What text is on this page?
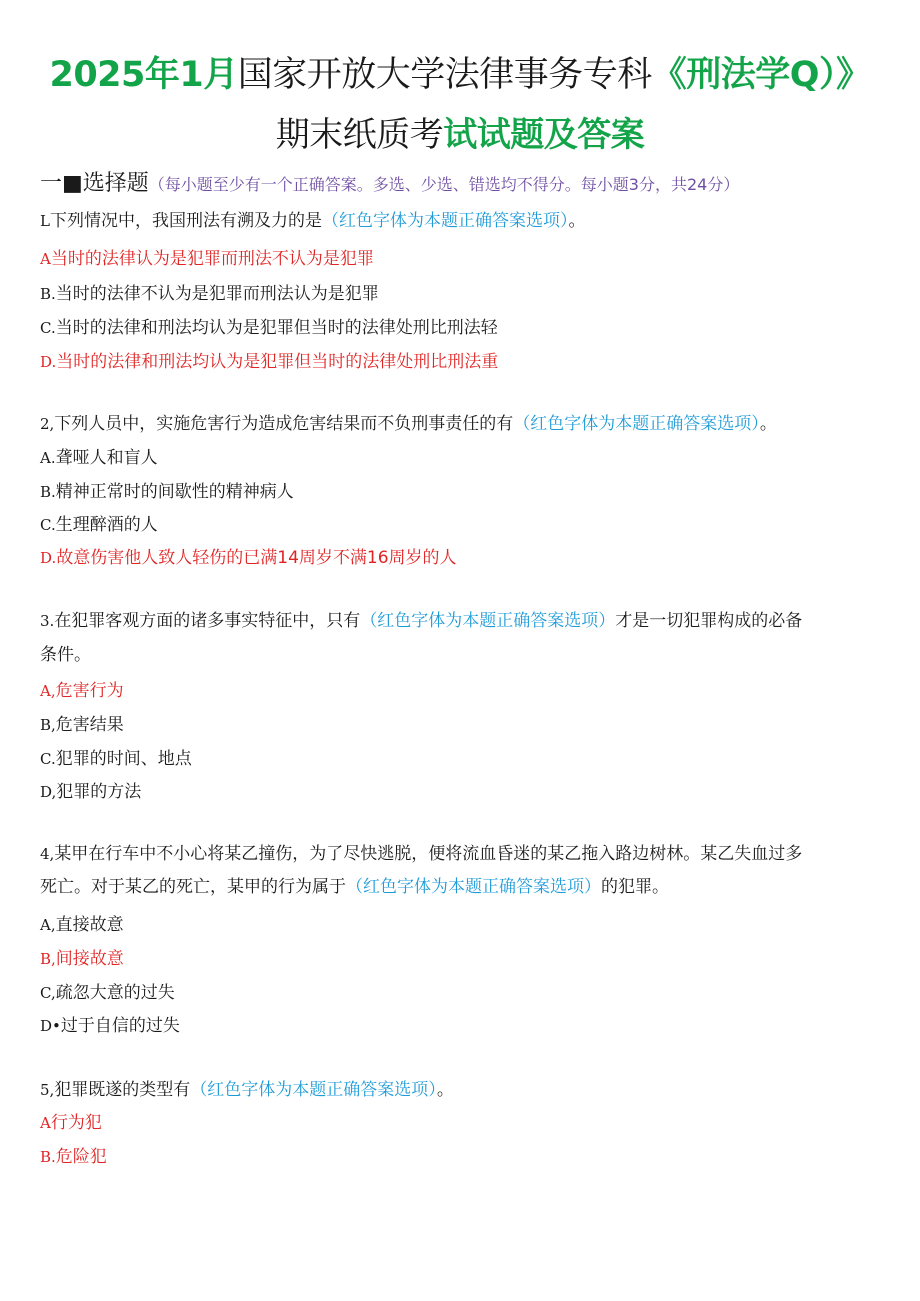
2025年1月国家开放大学法律事务专科《刑法学Q）》
期末纸质考试试题及答案
一■选择题（每小题至少有一个正确答案。多选、少选、错选均不得分。每小题3分，共24分）
L下列情况中，我国刑法有溯及力的是（红色字体为本题正确答案选项）。
A当时的法律认为是犯罪而刑法不认为是犯罪
B.当时的法律不认为是犯罪而刑法认为是犯罪
C.当时的法律和刑法均认为是犯罪但当时的法律处刑比刑法轻
D.当时的法律和刑法均认为是犯罪但当时的法律处刑比刑法重
2,下列人员中，实施危害行为造成危害结果而不负刑事责任的有（红色字体为本题正确答案选项）。
A.聋哑人和盲人
B.精神正常时的间歇性的精神病人
C.生理醉酒的人
D.故意伤害他人致人轻伤的已满14周岁不满16周岁的人
3.在犯罪客观方面的诸多事实特征中，只有（红色字体为本题正确答案选项）才是一切犯罪构成的必备
条件。
A,危害行为
B,危害结果
C.犯罪的时间、地点
D,犯罪的方法
4,某甲在行车中不小心将某乙撞伤，为了尽快逃脱，便将流血昏迷的某乙拖入路边树林。某乙失血过多
死亡。对于某乙的死亡，某甲的行为属于（红色字体为本题正确答案选项）的犯罪。
A,直接故意
B,间接故意
C,疏忽大意的过失
D•过于自信的过失
5,犯罪既遂的类型有（红色字体为本题正确答案选项）。
A行为犯
B.危险犯
